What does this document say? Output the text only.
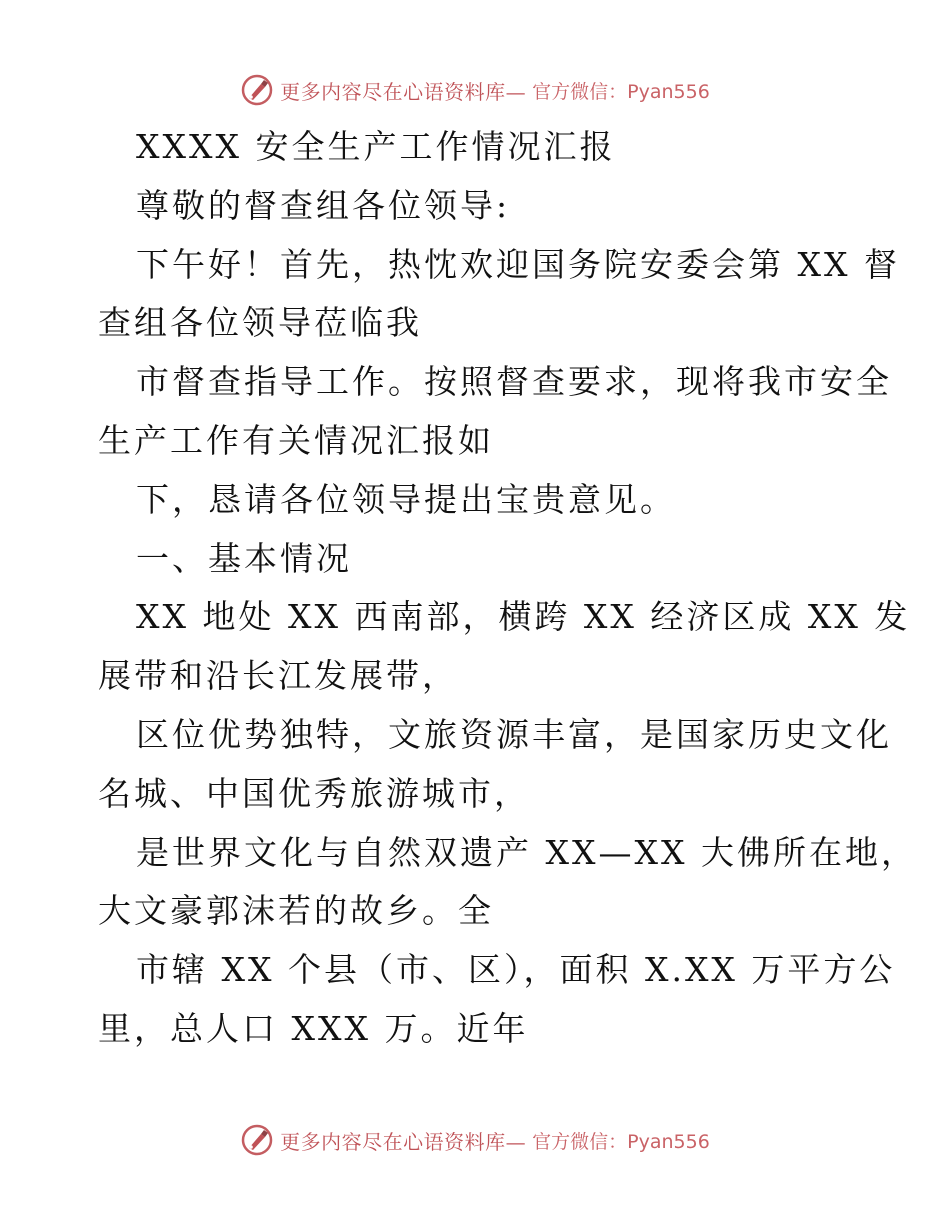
更多内容尽在心语资料库— 官方微信：Pyan556
XXXX 安全生产工作情况汇报
尊敬的督查组各位领导:
下午好！首先，热忱欢迎国务院安委会第 XX 督
查组各位领导莅临我
市督查指导工作。按照督查要求，现将我市安全
生产工作有关情况汇报如
下，恳请各位领导提出宝贵意见。
一、基本情况
XX 地处 XX 西南部，横跨 XX 经济区成 XX 发
展带和沿长江发展带，
区位优势独特，文旅资源丰富，是国家历史文化
名城、中国优秀旅游城市，
是世界文化与自然双遗产 XX—XX 大佛所在地，
大文豪郭沫若的故乡。全
市辖 XX 个县（市、区），面积 X.XX 万平方公
里，总人口 XXX 万。近年
更多内容尽在心语资料库— 官方微信：Pyan556
